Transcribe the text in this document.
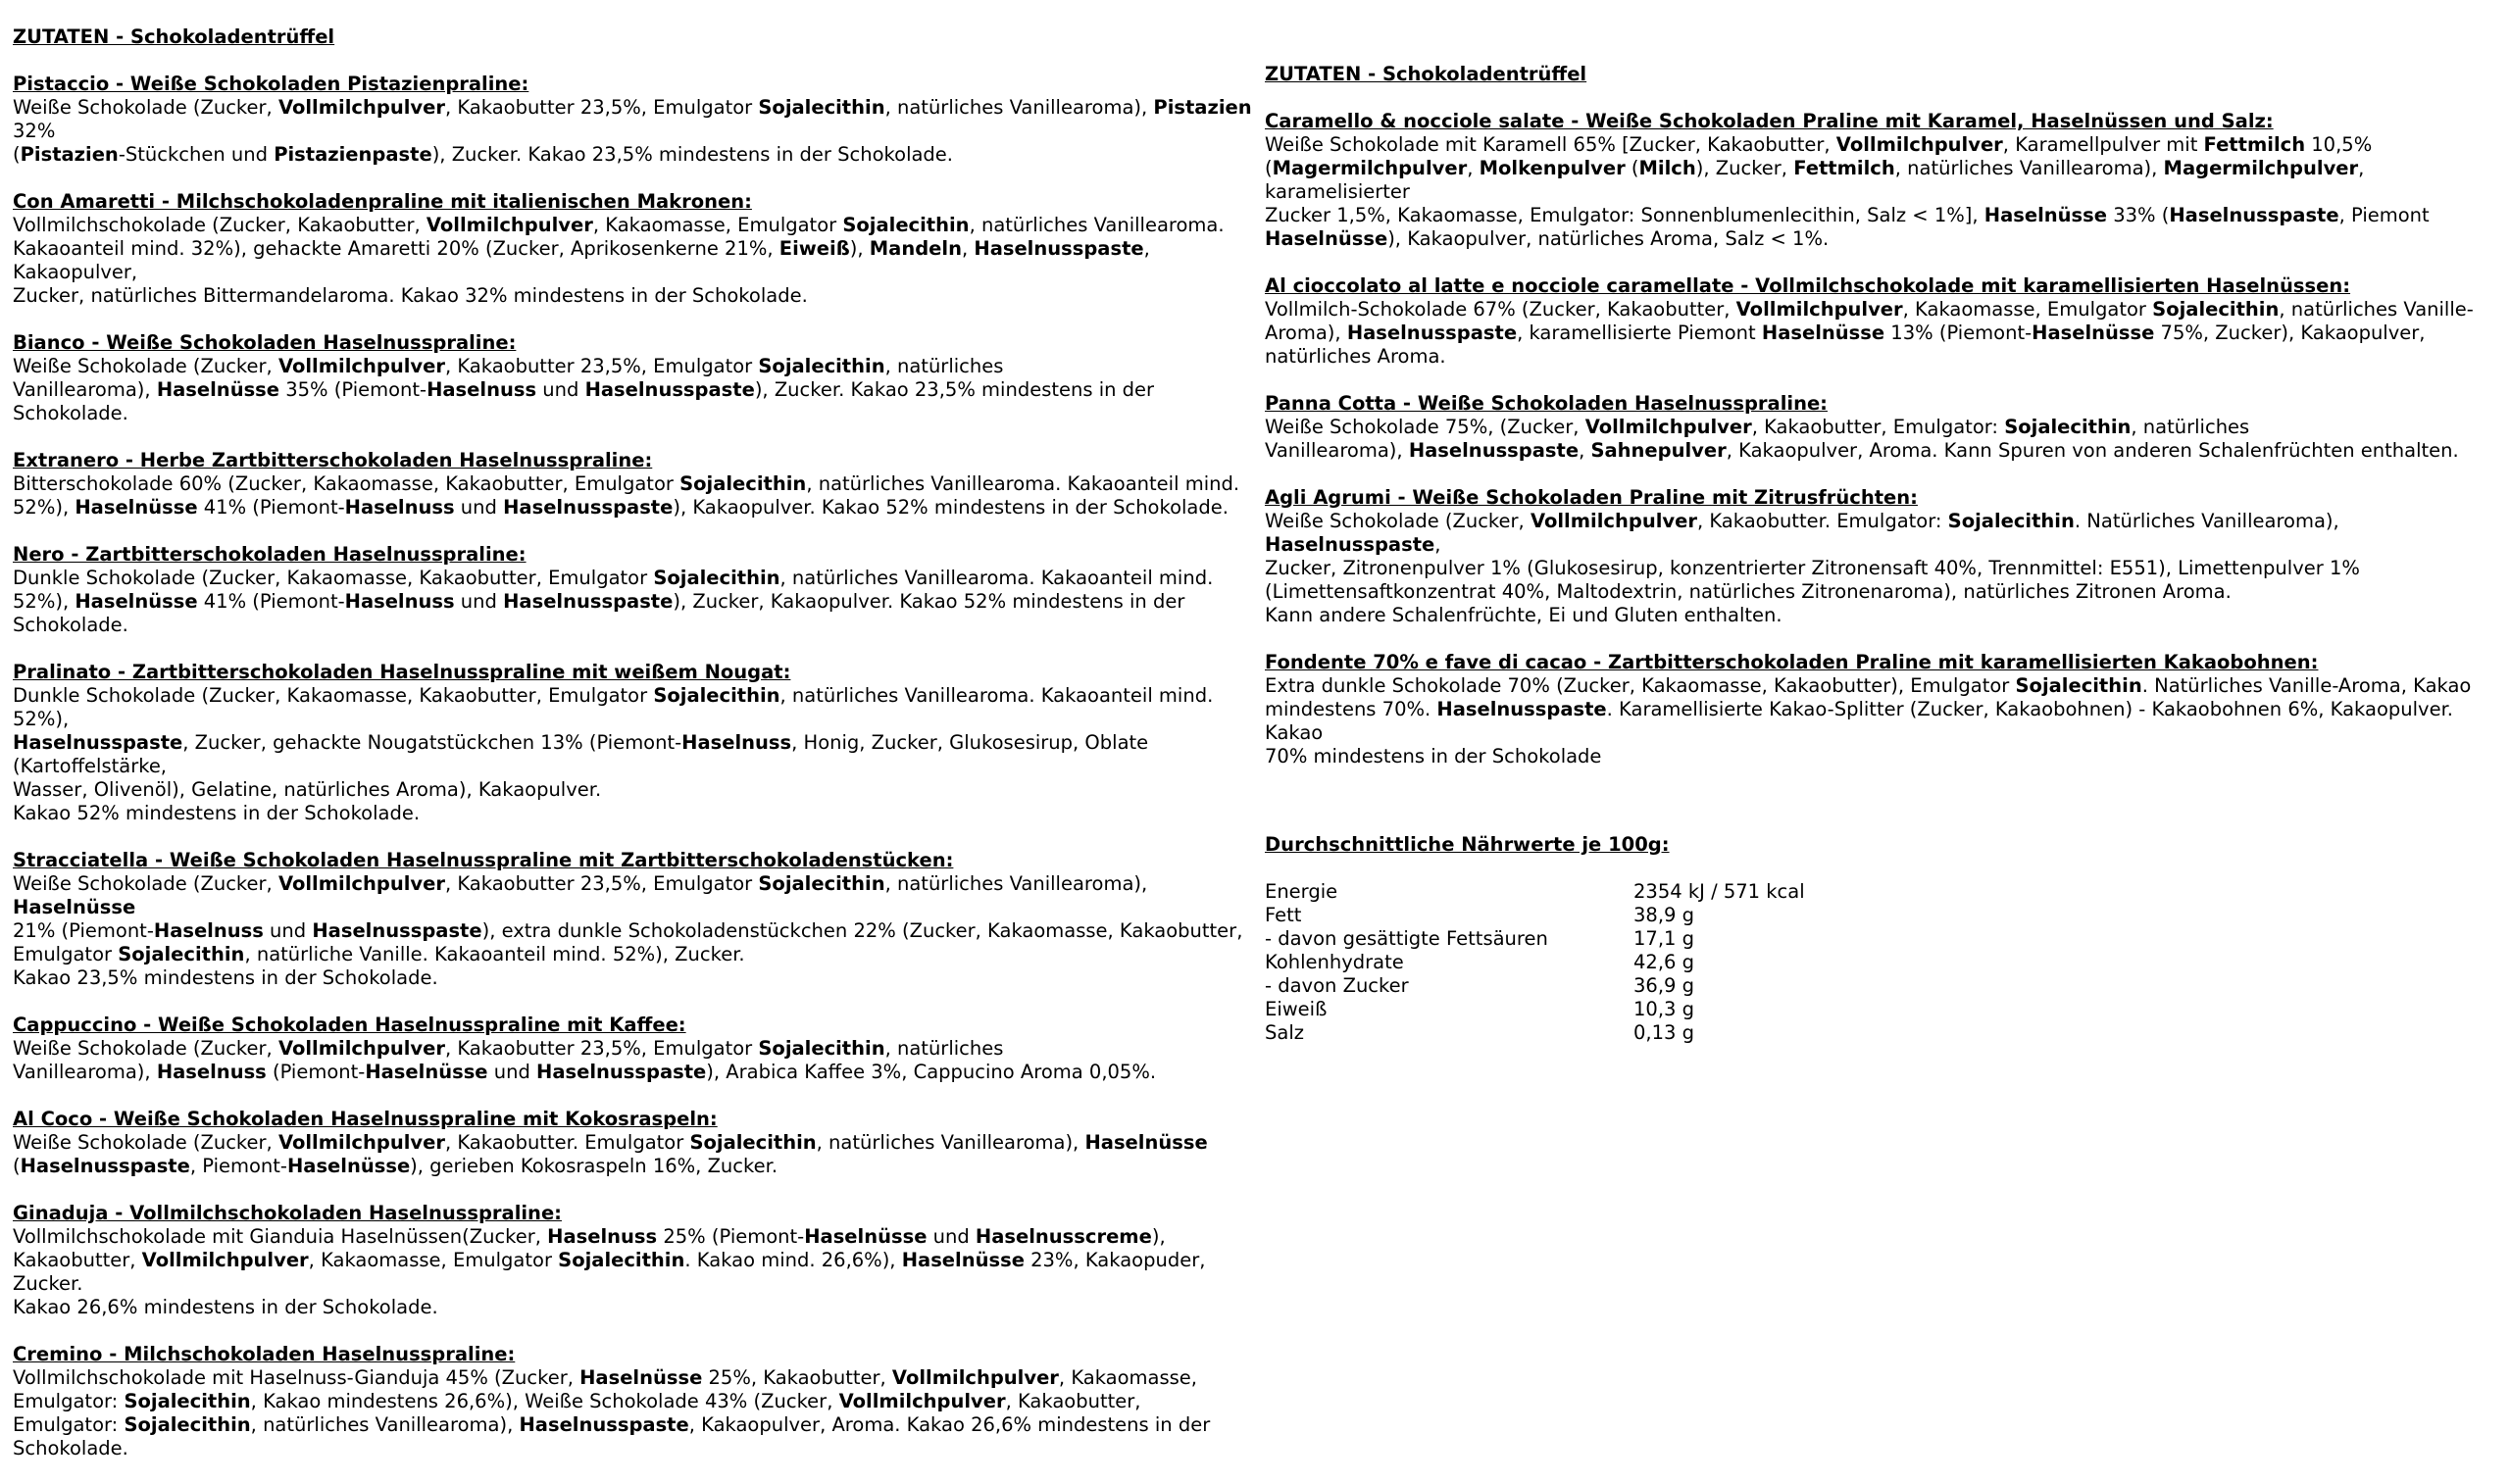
ZUTATEN - Schokoladentrüffel

Pistaccio - Weiße Schokoladen Pistazienpraline:

Weiße Schokolade (Zucker, Vollmilchpulver, Kakaobutter 23,5%, Emulgator Sojalecithin, natürliches Vanillearoma), Pistazien 32%

(Pistazien-Stückchen und Pistazienpaste), Zucker. Kakao 23,5% mindestens in der Schokolade.

Con Amaretti - Milchschokoladenpraline mit italienischen Makronen:

Vollmilchschokolade (Zucker, Kakaobutter, Vollmilchpulver, Kakaomasse, Emulgator Sojalecithin, natürliches Vanillearoma.

Kakaoanteil mind. 32%), gehackte Amaretti 20% (Zucker, Aprikosenkerne 21%, Eiweiß), Mandeln, Haselnusspaste, Kakaopulver,

Zucker, natürliches Bittermandelaroma. Kakao 32% mindestens in der Schokolade.

Bianco - Weiße Schokoladen Haselnusspraline:

Weiße Schokolade (Zucker, Vollmilchpulver, Kakaobutter 23,5%, Emulgator Sojalecithin, natürliches

Vanillearoma), Haselnüsse 35% (Piemont-Haselnuss und Haselnusspaste), Zucker. Kakao 23,5% mindestens in der Schokolade.

Extranero - Herbe Zartbitterschokoladen Haselnusspraline:

Bitterschokolade 60% (Zucker, Kakaomasse, Kakaobutter, Emulgator Sojalecithin, natürliches Vanillearoma. Kakaoanteil mind.

52%), Haselnüsse 41% (Piemont-Haselnuss und Haselnusspaste), Kakaopulver. Kakao 52% mindestens in der Schokolade.

Nero - Zartbitterschokoladen Haselnusspraline:

Dunkle Schokolade (Zucker, Kakaomasse, Kakaobutter, Emulgator Sojalecithin, natürliches Vanillearoma. Kakaoanteil mind.

52%), Haselnüsse 41% (Piemont-Haselnuss und Haselnusspaste), Zucker, Kakaopulver. Kakao 52% mindestens in der Schokolade.

Pralinato - Zartbitterschokoladen Haselnusspraline mit weißem Nougat:

Dunkle Schokolade (Zucker, Kakaomasse, Kakaobutter, Emulgator Sojalecithin, natürliches Vanillearoma. Kakaoanteil mind. 52%),

Haselnusspaste, Zucker, gehackte Nougatstückchen 13% (Piemont-Haselnuss, Honig, Zucker, Glukosesirup, Oblate (Kartoffelstärke,

Wasser, Olivenöl), Gelatine, natürliches Aroma), Kakaopulver.

Kakao 52% mindestens in der Schokolade.

Stracciatella - Weiße Schokoladen Haselnusspraline mit Zartbitterschokoladenstücken:

Weiße Schokolade (Zucker, Vollmilchpulver, Kakaobutter 23,5%, Emulgator Sojalecithin, natürliches Vanillearoma), Haselnüsse

21% (Piemont-Haselnuss und Haselnusspaste), extra dunkle Schokoladenstückchen 22% (Zucker, Kakaomasse, Kakaobutter,

Emulgator Sojalecithin, natürliche Vanille. Kakaoanteil mind. 52%), Zucker.

Kakao 23,5% mindestens in der Schokolade.

Cappuccino - Weiße Schokoladen Haselnusspraline mit Kaffee:

Weiße Schokolade (Zucker, Vollmilchpulver, Kakaobutter 23,5%, Emulgator Sojalecithin, natürliches

Vanillearoma), Haselnuss (Piemont-Haselnüsse und Haselnusspaste), Arabica Kaffee 3%, Cappucino Aroma 0,05%.

Al Coco - Weiße Schokoladen Haselnusspraline mit Kokosraspeln:

Weiße Schokolade (Zucker, Vollmilchpulver, Kakaobutter. Emulgator Sojalecithin, natürliches Vanillearoma), Haselnüsse

(Haselnusspaste, Piemont-Haselnüsse), gerieben Kokosraspeln 16%, Zucker.

Ginaduja - Vollmilchschokoladen Haselnusspraline:

Vollmilchschokolade mit Gianduia Haselnüssen(Zucker, Haselnuss 25% (Piemont-Haselnüsse und Haselnusscreme),

Kakaobutter, Vollmilchpulver, Kakaomasse, Emulgator Sojalecithin. Kakao mind. 26,6%), Haselnüsse 23%, Kakaopuder, Zucker.

Kakao 26,6% mindestens in der Schokolade.

Cremino - Milchschokoladen Haselnusspraline:

Vollmilchschokolade mit Haselnuss-Gianduja 45% (Zucker, Haselnüsse 25%, Kakaobutter, Vollmilchpulver, Kakaomasse,

Emulgator: Sojalecithin, Kakao mindestens 26,6%), Weiße Schokolade 43% (Zucker, Vollmilchpulver, Kakaobutter,

Emulgator: Sojalecithin, natürliches Vanillearoma), Haselnusspaste, Kakaopulver, Aroma. Kakao 26,6% mindestens in der

Schokolade.

ZUTATEN - Schokoladentrüffel

Caramello & nocciole salate - Weiße Schokoladen Praline mit Karamel, Haselnüssen und Salz:

Weiße Schokolade mit Karamell 65% [Zucker, Kakaobutter, Vollmilchpulver, Karamellpulver mit Fettmilch 10,5%

(Magermilchpulver, Molkenpulver (Milch), Zucker, Fettmilch, natürliches Vanillearoma), Magermilchpulver, karamelisierter

Zucker 1,5%, Kakaomasse, Emulgator: Sonnenblumenlecithin, Salz < 1%], Haselnüsse 33% (Haselnusspaste, Piemont

Haselnüsse), Kakaopulver, natürliches Aroma, Salz < 1%.

Al cioccolato al latte e nocciole caramellate - Vollmilchschokolade mit karamellisierten Haselnüssen:

Vollmilch-Schokolade 67% (Zucker, Kakaobutter, Vollmilchpulver, Kakaomasse, Emulgator Sojalecithin, natürliches Vanille-

Aroma), Haselnusspaste, karamellisierte Piemont Haselnüsse 13% (Piemont-Haselnüsse 75%, Zucker), Kakaopulver,

natürliches Aroma.

Panna Cotta - Weiße Schokoladen Haselnusspraline:

Weiße Schokolade 75%, (Zucker, Vollmilchpulver, Kakaobutter, Emulgator: Sojalecithin, natürliches

Vanillearoma), Haselnusspaste, Sahnepulver, Kakaopulver, Aroma. Kann Spuren von anderen Schalenfrüchten enthalten.

Agli Agrumi - Weiße Schokoladen Praline mit Zitrusfrüchten:

Weiße Schokolade (Zucker, Vollmilchpulver, Kakaobutter. Emulgator: Sojalecithin. Natürliches Vanillearoma), Haselnusspaste,

Zucker, Zitronenpulver 1% (Glukosesirup, konzentrierter Zitronensaft 40%, Trennmittel: E551), Limettenpulver 1%

(Limettensaftkonzentrat 40%, Maltodextrin, natürliches Zitronenaroma), natürliches Zitronen Aroma.

Kann andere Schalenfrüchte, Ei und Gluten enthalten.

Fondente 70% e fave di cacao - Zartbitterschokoladen Praline mit karamellisierten Kakaobohnen:

Extra dunkle Schokolade 70% (Zucker, Kakaomasse, Kakaobutter), Emulgator Sojalecithin. Natürliches Vanille-Aroma, Kakao

mindestens 70%. Haselnusspaste. Karamellisierte Kakao-Splitter (Zucker, Kakaobohnen) - Kakaobohnen 6%, Kakaopulver. Kakao

70% mindestens in der Schokolade

Durchschnittliche Nährwerte je 100g:

Energie	2354 kJ / 571 kcal
Fett	38,9 g
- davon gesättigte Fettsäuren	17,1 g
Kohlenhydrate	42,6 g
- davon Zucker	36,9 g
Eiweiß	10,3 g
Salz	0,13 g
